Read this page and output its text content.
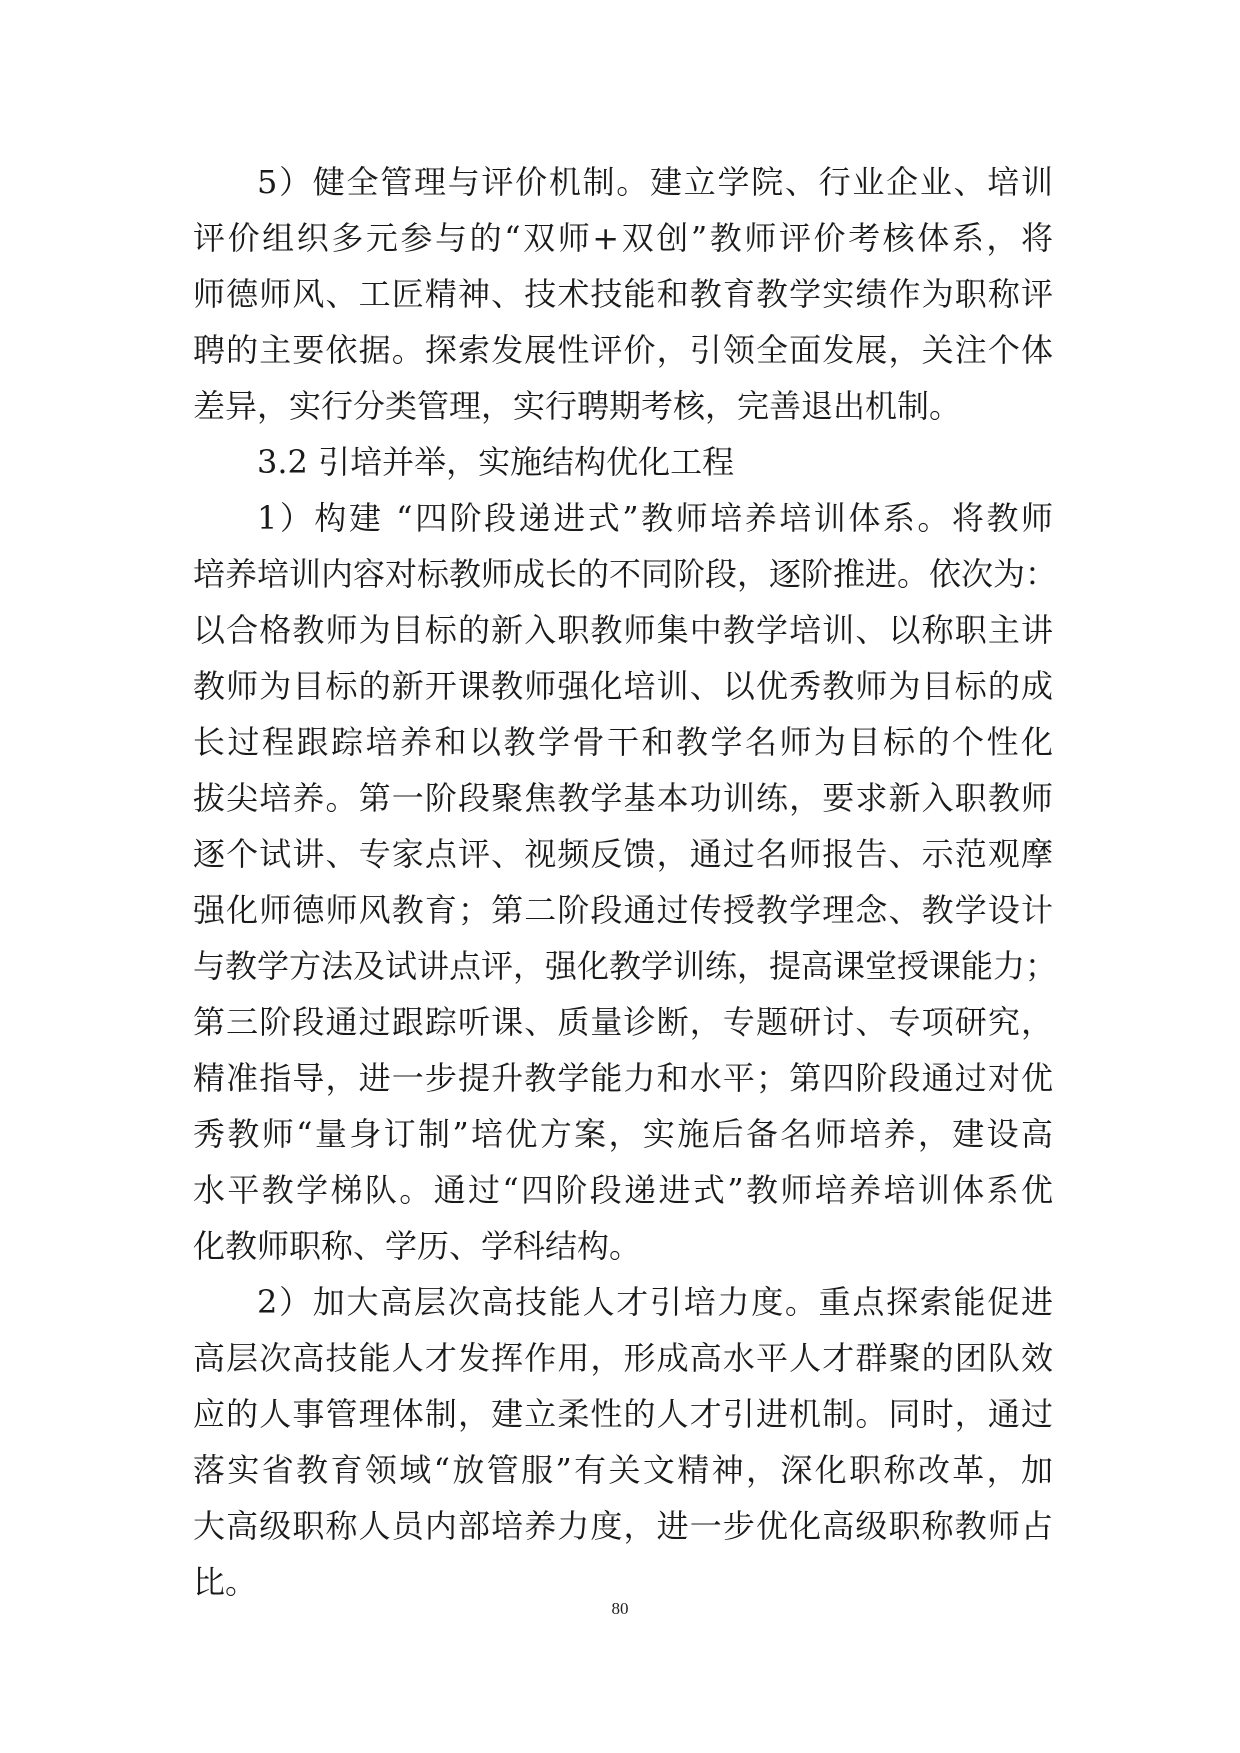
5）健全管理与评价机制。建立学院、行业企业、培训
评价组织多元参与的“双师+双创”教师评价考核体系，将
师德师风、工匠精神、技术技能和教育教学实绩作为职称评
聘的主要依据。探索发展性评价，引领全面发展，关注个体
差异，实行分类管理，实行聘期考核，完善退出机制。
3.2 引培并举，实施结构优化工程
1）构建 “四阶段递进式”教师培养培训体系。将教师
培养培训内容对标教师成长的不同阶段，逐阶推进。依次为：
以合格教师为目标的新入职教师集中教学培训、以称职主讲
教师为目标的新开课教师强化培训、以优秀教师为目标的成
长过程跟踪培养和以教学骨干和教学名师为目标的个性化
拔尖培养。第一阶段聚焦教学基本功训练，要求新入职教师
逐个试讲、专家点评、视频反馈，通过名师报告、示范观摩
强化师德师风教育；第二阶段通过传授教学理念、教学设计
与教学方法及试讲点评，强化教学训练，提高课堂授课能力；
第三阶段通过跟踪听课、质量诊断，专题研讨、专项研究，
精准指导，进一步提升教学能力和水平；第四阶段通过对优
秀教师“量身订制”培优方案，实施后备名师培养，建设高
水平教学梯队。通过“四阶段递进式”教师培养培训体系优
化教师职称、学历、学科结构。
2）加大高层次高技能人才引培力度。重点探索能促进
高层次高技能人才发挥作用，形成高水平人才群聚的团队效
应的人事管理体制，建立柔性的人才引进机制。同时，通过
落实省教育领域“放管服”有关文精神，深化职称改革，加
大高级职称人员内部培养力度，进一步优化高级职称教师占
比。
80
